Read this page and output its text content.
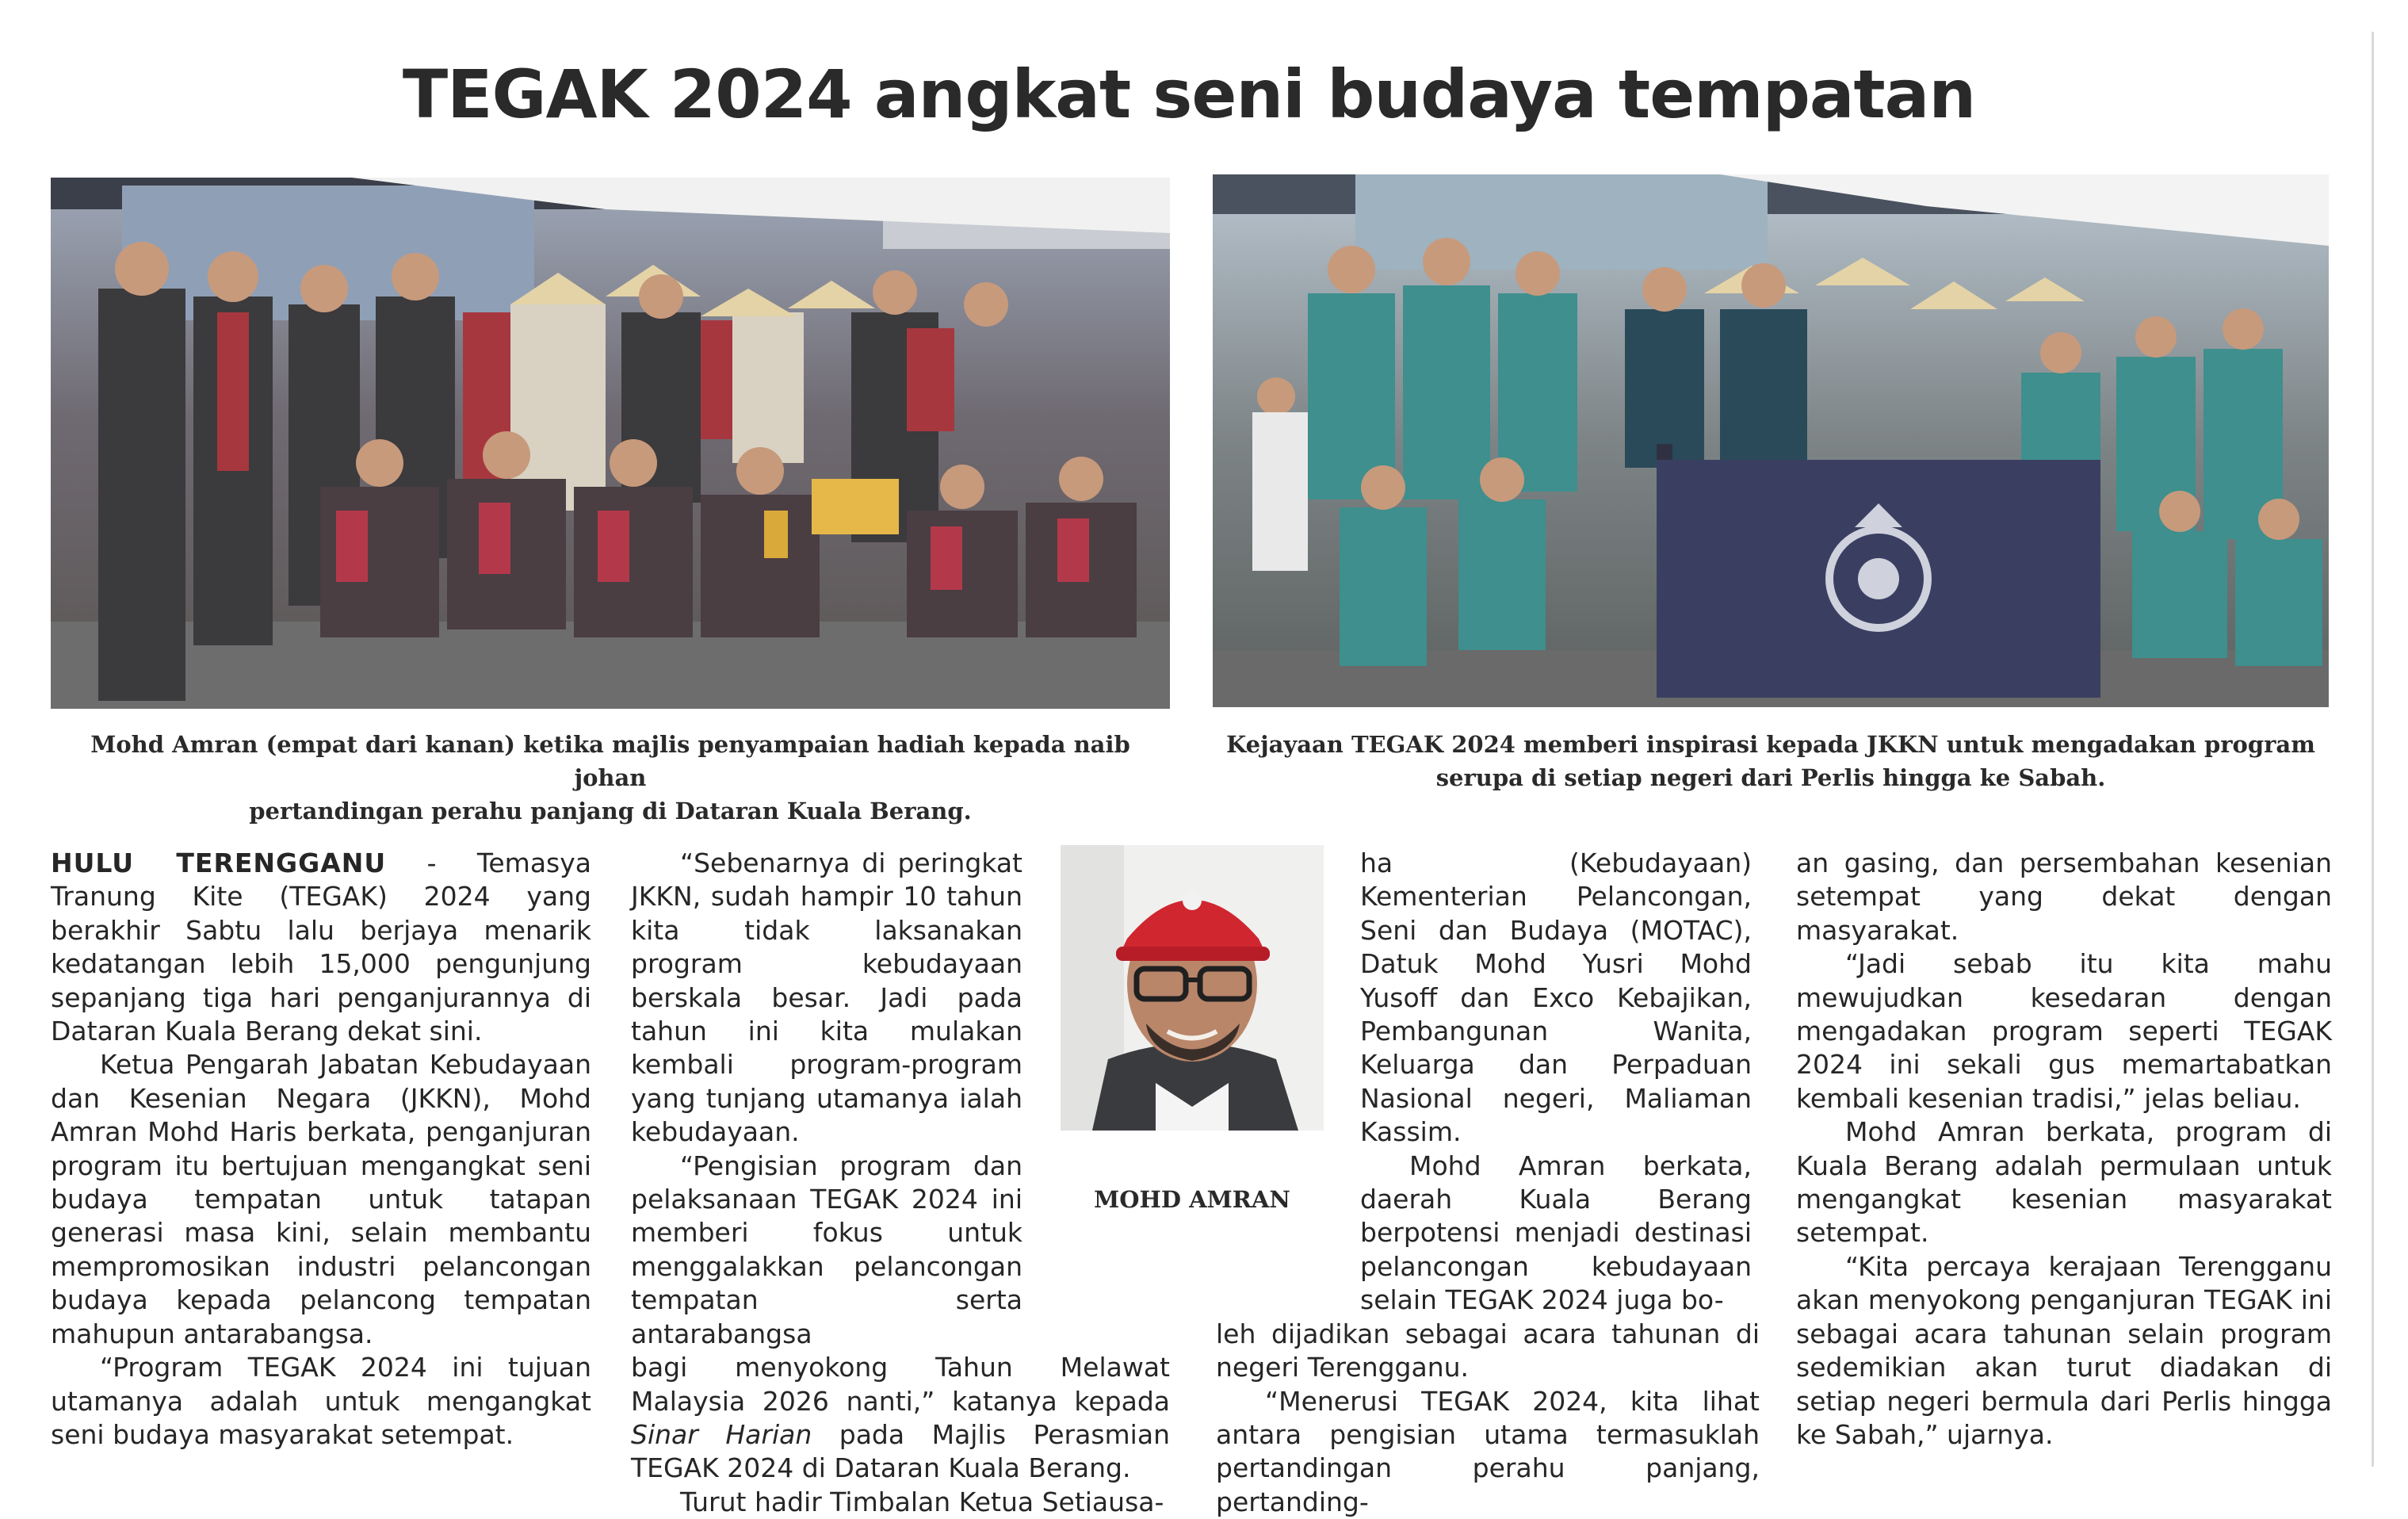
TEGAK 2024 angkat seni budaya tempatan

Mohd Amran (empat dari kanan) ketika majlis penyampaian hadiah kepada naib johan
pertandingan perahu panjang di Dataran Kuala Berang.

Kejayaan TEGAK 2024 memberi inspirasi kepada JKKN untuk mengadakan program
serupa di setiap negeri dari Perlis hingga ke Sabah.

MOHD AMRAN

HULU TERENGGANU - Temasya Tranung Kite (TEGAK) 2024 yang berakhir Sabtu lalu berjaya menarik kedatangan lebih 15,000 pengunjung sepanjang tiga hari penganjurannya di Dataran Kuala Berang dekat sini.

Ketua Pengarah Jabatan Kebudayaan dan Kesenian Negara (JKKN), Mohd Amran Mohd Haris berkata, penganjuran program itu bertujuan mengangkat seni budaya tempatan untuk tatapan generasi masa kini, selain membantu mempromosikan industri pelancongan budaya kepada pelancong tempatan mahupun antarabangsa.

“Program TEGAK 2024 ini tujuan utamanya adalah untuk mengangkat seni budaya masyarakat setempat.

“Sebenarnya di peringkat JKKN, sudah hampir 10 tahun kita tidak laksanakan program kebudayaan berskala besar. Jadi pada tahun ini kita mulakan kembali program-program yang tunjang utamanya ialah kebudayaan.

“Pengisian program dan pelaksanaan TEGAK 2024 ini memberi fokus untuk menggalakkan pelancongan tempatan serta antarabangsa

bagi menyokong Tahun Melawat Malaysia 2026 nanti,” katanya kepada Sinar Harian pada Majlis Perasmian TEGAK 2024 di Dataran Kuala Berang.

Turut hadir Timbalan Ketua Setiausa-

ha (Kebudayaan) Kementerian Pelancongan, Seni dan Budaya (MOTAC), Datuk Mohd Yusri Mohd Yusoff dan Exco Kebajikan, Pembangunan Wanita, Keluarga dan Perpaduan Nasional negeri, Maliaman Kassim.

Mohd Amran berkata, daerah Kuala Berang berpotensi menjadi destinasi pelancongan kebudayaan selain TEGAK 2024 juga bo-

leh dijadikan sebagai acara tahunan di negeri Terengganu.

“Menerusi TEGAK 2024, kita lihat antara pengisian utama termasuklah pertandingan perahu panjang, pertanding-

an gasing, dan persembahan kesenian setempat yang dekat dengan masyarakat.

“Jadi sebab itu kita mahu mewujudkan kesedaran dengan mengadakan program seperti TEGAK 2024 ini sekali gus memartabatkan kembali kesenian tradisi,” jelas beliau.

Mohd Amran berkata, program di Kuala Berang adalah permulaan untuk mengangkat kesenian masyarakat setempat.

“Kita percaya kerajaan Terengganu akan menyokong penganjuran TEGAK ini sebagai acara tahunan selain program sedemikian akan turut diadakan di setiap negeri bermula dari Perlis hingga ke Sabah,” ujarnya.
